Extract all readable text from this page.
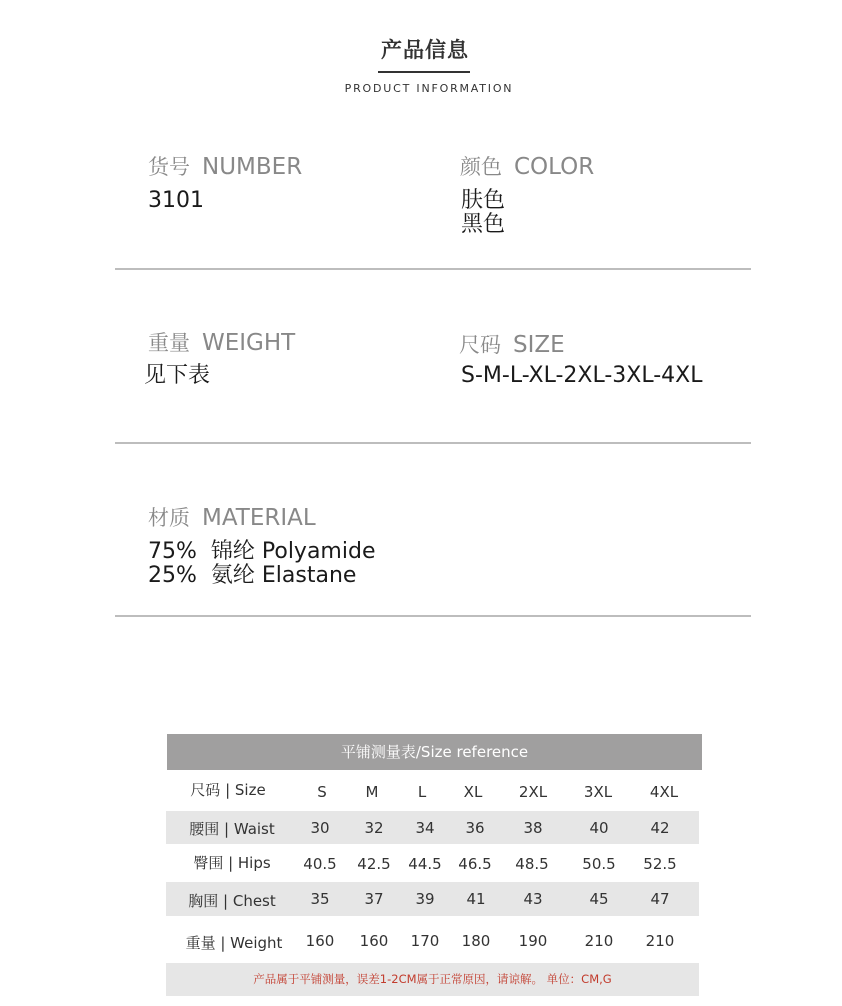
产品信息
PRODUCT INFORMATION
货号 NUMBER
3101
颜色 COLOR
肤色
黑色
重量 WEIGHT
见下表
尺码 SIZE
S-M-L-XL-2XL-3XL-4XL
材质 MATERIAL
75%  锦纶 Polyamide
25%  氨纶 Elastane
平铺测量表/Size reference
尺码 | Size	S	M	L	XL 2XL 3XL	4XL
腰围 | Waist 30 32 34 36	38	40	42
臀围 | Hips 40.5 42.5 44.5 46.5 48.5 50.5 52.5
胸围 | Chest 35 37 39 41	43	45	47
重量 | Weight 160 160 170 180 190 210 210
产品属于平铺测量，误差1-2CM属于正常原因，请谅解。 单位：CM,G
